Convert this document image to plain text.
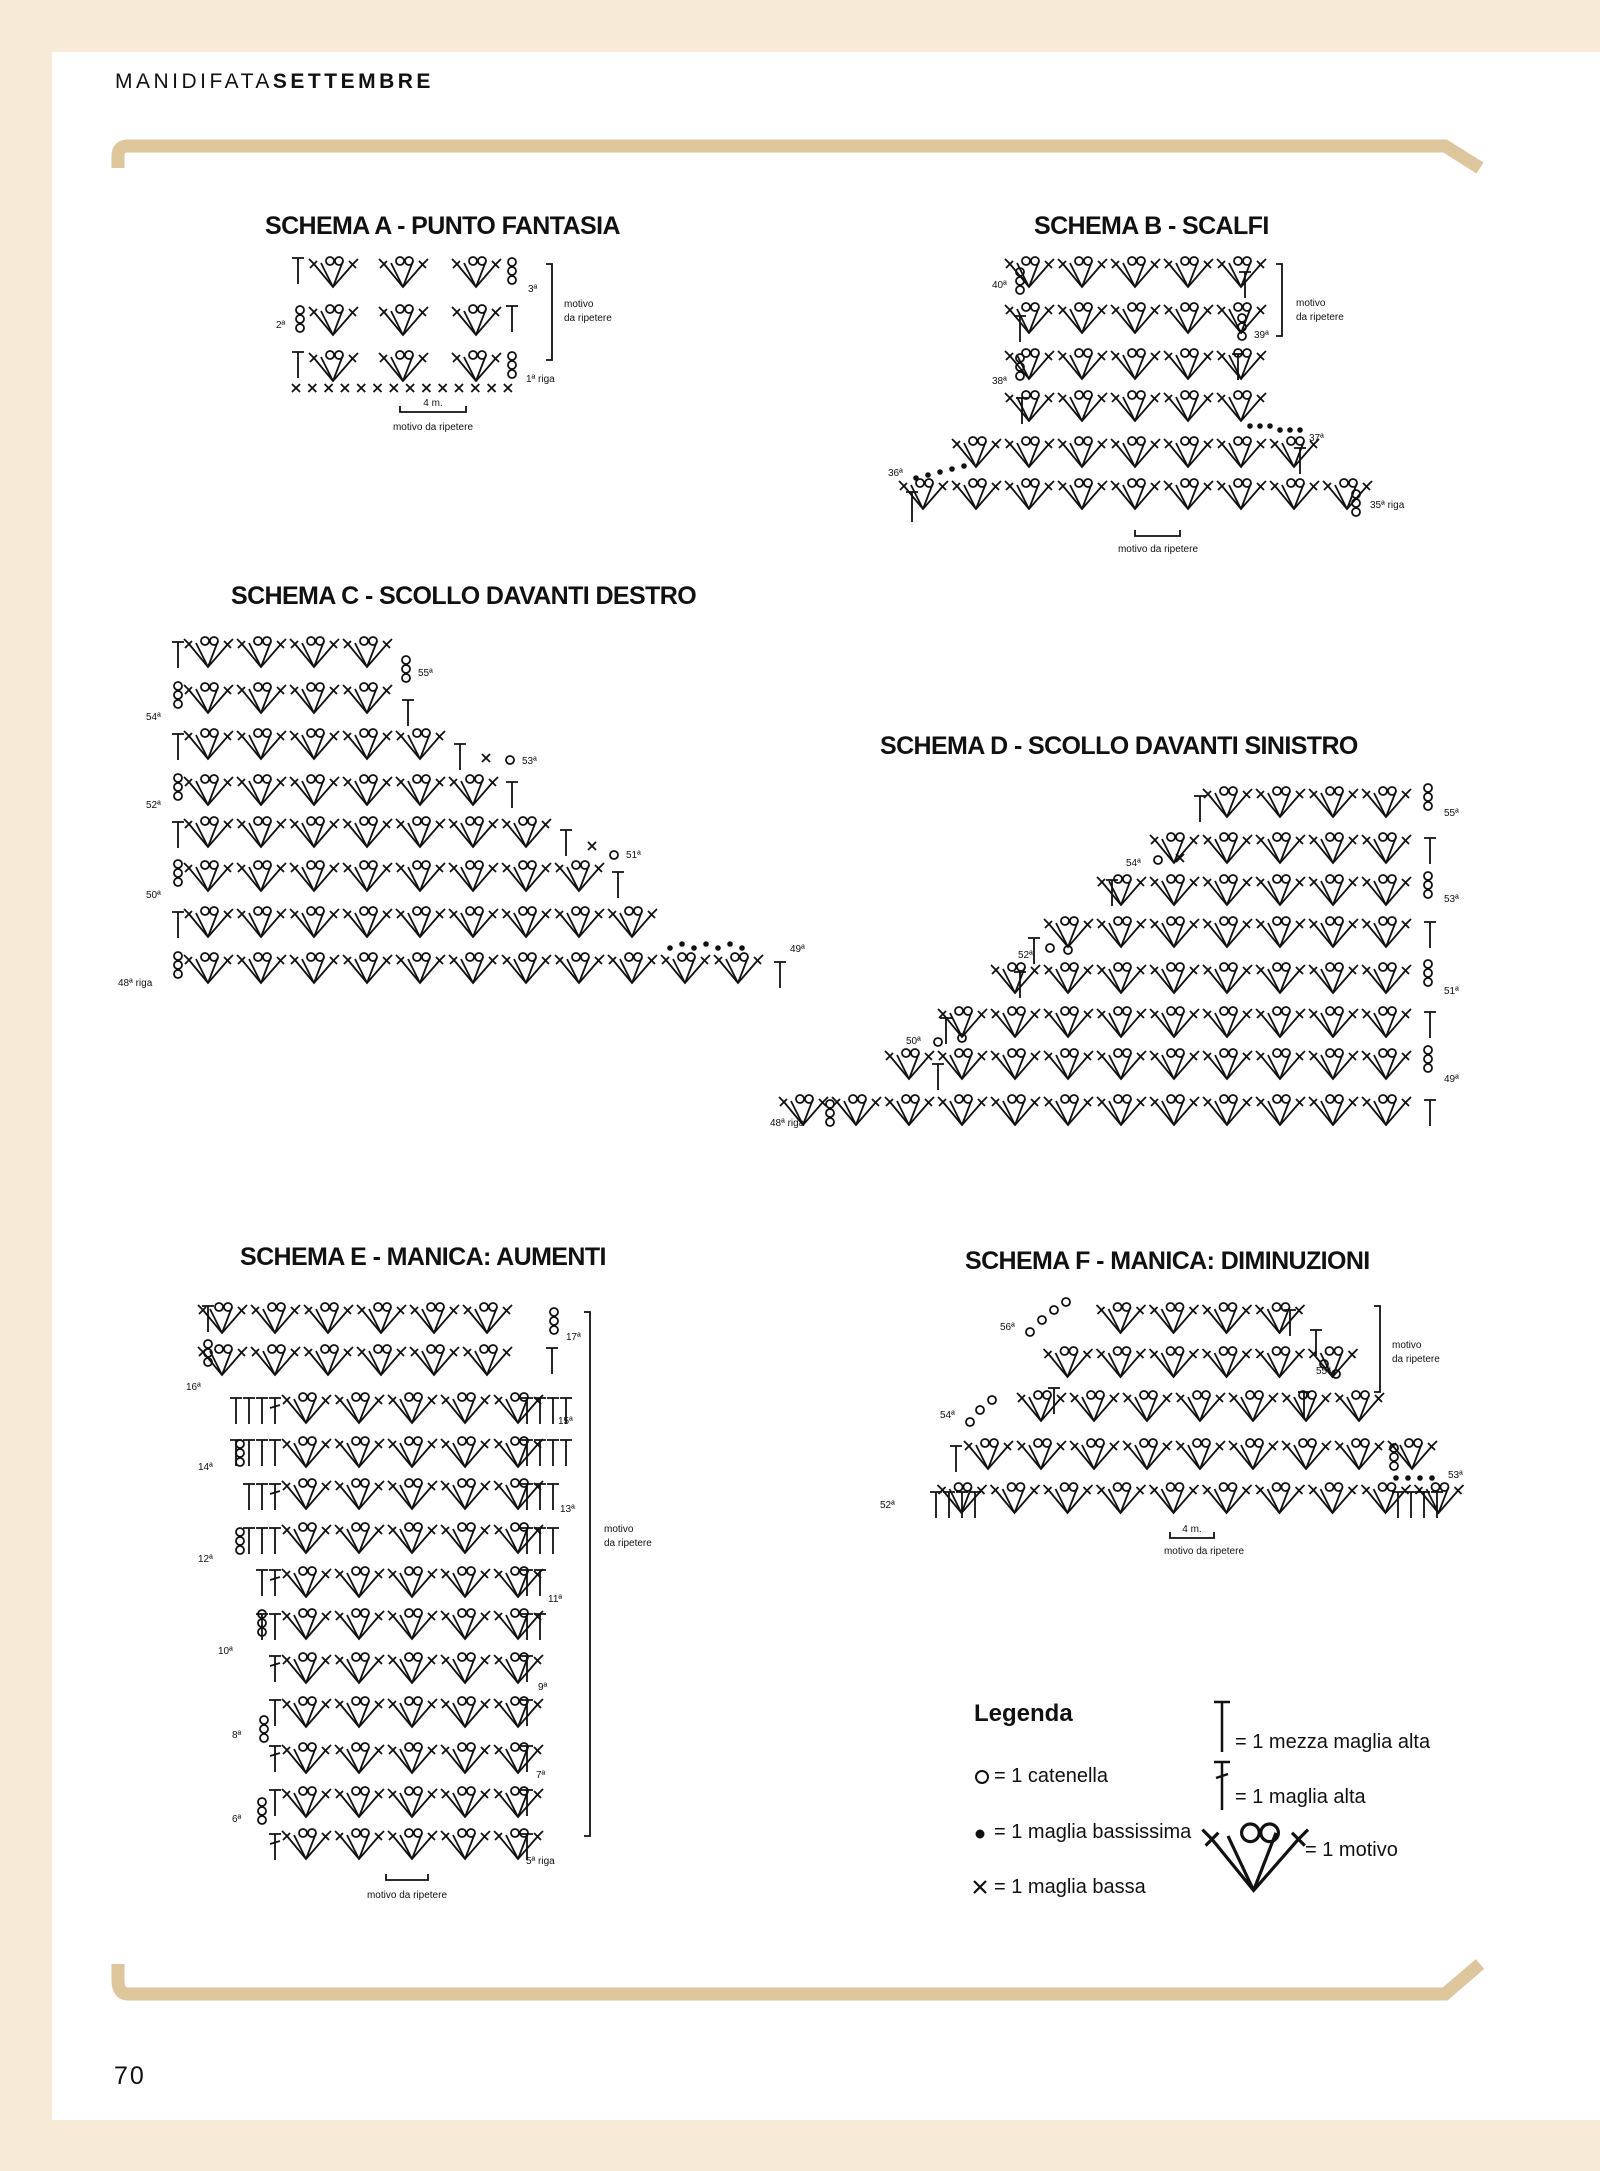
MANIDIFATASETTEMBRE
SCHEMA A - PUNTO FANTASIA	SCHEMA B - SCALFI
SCHEMA C - SCOLLO DAVANTI DESTRO
SCHEMA D - SCOLLO DAVANTI SINISTRO
SCHEMA E - MANICA: AUMENTI	SCHEMA F - MANICA: DIMINUZIONI
3ª
2ª
1ª riga
motivo
da ripetere
4 m.
motivo da ripetere
40ª
39ª
38ª
37ª
36ª
35ª riga
motivo
da ripetere
motivo da ripetere
55ª
54ª
53ª
52ª
51ª
50ª
49ª
48ª riga
55ª
54ª
53ª
52ª
51ª
50ª
49ª
48ª riga
17ª
16ª
15ª
14ª
13ª
12ª
11ª
10ª
9ª
8ª
7ª
6ª
5ª riga
motivo
da ripetere
motivo da ripetere
56ª
55ª
54ª
53ª
52ª
motivo
da ripetere
4 m.
motivo da ripetere
Legenda
= 1 catenella
= 1 maglia bassissima
= 1 maglia bassa
= 1 mezza maglia alta
= 1 maglia alta
= 1 motivo
70
